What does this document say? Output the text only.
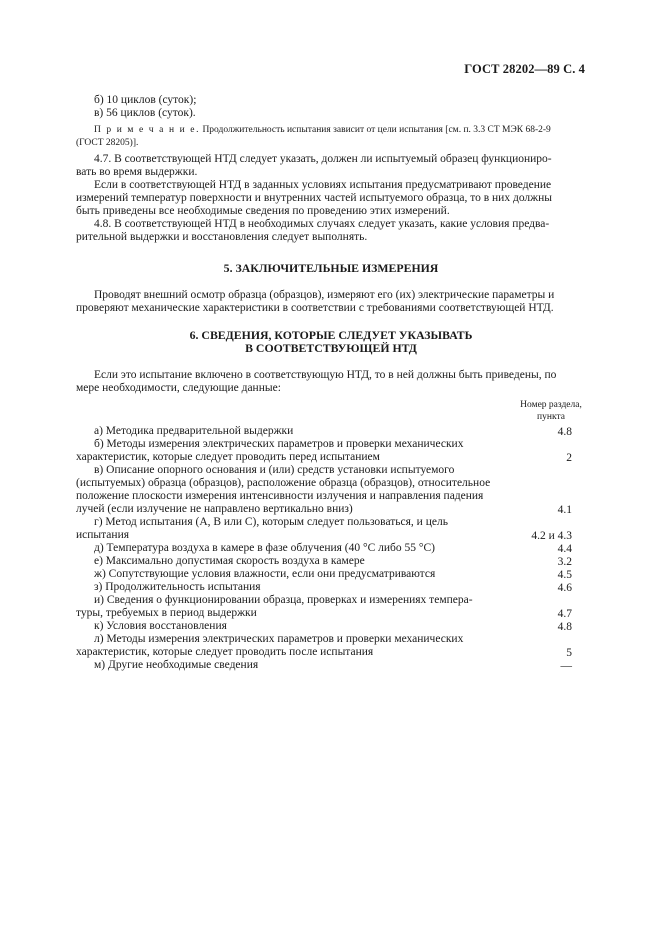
ГОСТ 28202—89 С. 4
б) 10 циклов (суток);
в) 56 циклов (суток).
П р и м е ч а н и е. Продолжительность испытания зависит от цели испытания [см. п. 3.3 СТ МЭК 68-2-9
(ГОСТ 28205)].
4.7. В соответствующей НТД следует указать, должен ли испытуемый образец функциониро-
вать во время выдержки.
Если в соответствующей НТД в заданных условиях испытания предусматривают проведение
измерений температур поверхности и внутренних частей испытуемого образца, то в них должны
быть приведены все необходимые сведения по проведению этих измерений.
4.8. В соответствующей НТД в необходимых случаях следует указать, какие условия предва-
рительной выдержки и восстановления следует выполнять.
5. ЗАКЛЮЧИТЕЛЬНЫЕ ИЗМЕРЕНИЯ
Проводят внешний осмотр образца (образцов), измеряют его (их) электрические параметры и
проверяют механические характеристики в соответствии с требованиями соответствующей НТД.
6. СВЕДЕНИЯ, КОТОРЫЕ СЛЕДУЕТ УКАЗЫВАТЬ
В СООТВЕТСТВУЮЩЕЙ НТД
Если это испытание включено в соответствующую НТД, то в ней должны быть приведены, по
мере необходимости, следующие данные:
Номер раздела,
пункта
а) Методика предварительной выдержки	4.8
б) Методы измерения электрических параметров и проверки механических
характеристик, которые следует проводить перед испытанием	2
в) Описание опорного основания и (или) средств установки испытуемого
(испытуемых) образца (образцов), расположение образца (образцов), относительное
положение плоскости измерения интенсивности излучения и направления падения
лучей (если излучение не направлено вертикально вниз)	4.1
г) Метод испытания (А, В или С), которым следует пользоваться, и цель
испытания	4.2 и 4.3
д) Температура воздуха в камере в фазе облучения (40 °С либо 55 °С)	4.4
е) Максимально допустимая скорость воздуха в камере	3.2
ж) Сопутствующие условия влажности, если они предусматриваются	4.5
з) Продолжительность испытания	4.6
и) Сведения о функционировании образца, проверках и измерениях темпера-
туры, требуемых в период выдержки	4.7
к) Условия восстановления	4.8
л) Методы измерения электрических параметров и проверки механических
характеристик, которые следует проводить после испытания	5
м) Другие необходимые сведения	—
